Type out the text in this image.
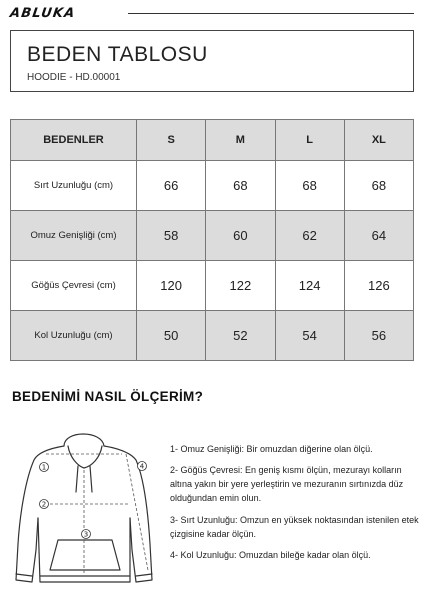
ABLUKA
BEDEN TABLOSU
HOODIE - HD.00001
BEDENLER	S	M	L	XL
Sırt Uzunluğu (cm)	66	68	68	68
Omuz Genişliği (cm)	58	60	62	64
Göğüs Çevresi (cm)	120	122	124	126
Kol Uzunluğu (cm)	50	52	54	56
BEDENİMİ NASIL ÖLÇERİM?
1
2
3
4
1- Omuz Genişliği: Bir omuzdan diğerine olan ölçü.
2- Göğüs Çevresi: En geniş kısmı ölçün, mezurayı kolların altına yakın bir yere yerleştirin ve mezuranın sırtınızda düz olduğundan emin olun.
3- Sırt Uzunluğu: Omzun en yüksek noktasından istenilen etek çizgisine kadar ölçün.
4- Kol Uzunluğu: Omuzdan bileğe kadar olan ölçü.
